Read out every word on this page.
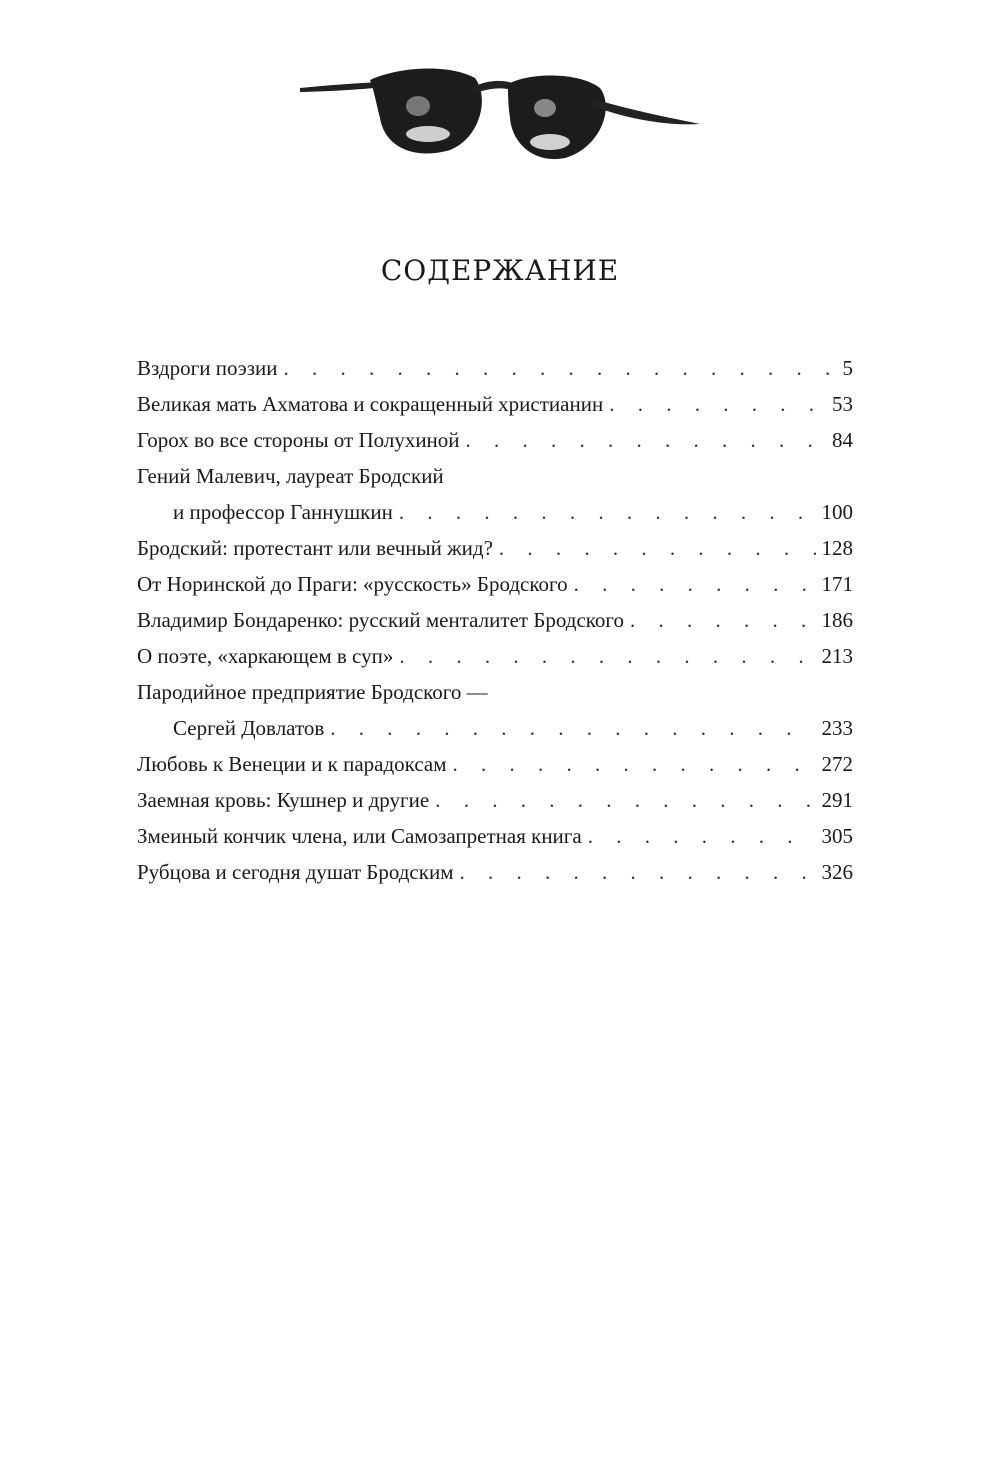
СОДЕРЖАНИЕ
Вздроги поэзии . . .	5
Великая мать Ахматова и сокращенный христианин . . .	53
Горох во все стороны от Полухиной . . .	84
Гений Малевич, лауреат Бродский
и профессор Ганнушкин . . .	100
Бродский: протестант или вечный жид? . . .	128
От Норинской до Праги: «русскость» Бродского . . .	171
Владимир Бондаренко: русский менталитет Бродского . . .	186
О поэте, «харкающем в суп» . . .	213
Пародийное предприятие Бродского —
Сергей Довлатов . . .	233
Любовь к Венеции и к парадоксам . . .	272
Заемная кровь: Кушнер и другие . . .	291
Змеиный кончик члена, или Самозапретная книга . . .	305
Рубцова и сегодня душат Бродским . . .	326
